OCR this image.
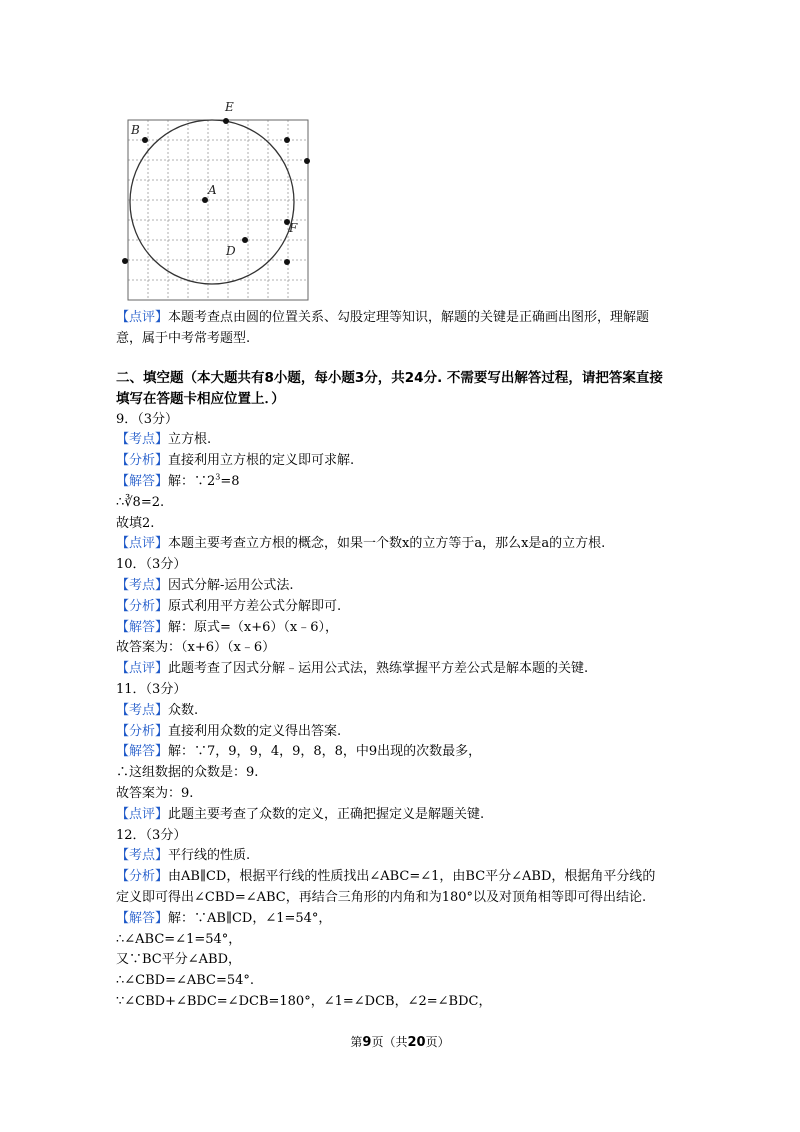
B
E
A
F
D
【点评】本题考查点由圆的位置关系、勾股定理等知识，解题的关键是正确画出图形，理解题
意，属于中考常考题型.
二、填空题（本大题共有8小题，每小题3分，共24分. 不需要写出解答过程，请把答案直接
填写在答题卡相应位置上．）
9．（3分）
【考点】立方根.
【分析】直接利用立方根的定义即可求解.
【解答】解：$\because 2^3=8$
∴∛8=2.
故填2.
【点评】本题主要考查立方根的概念，如果一个数x的立方等于a，那么x是a的立方根.
10．（3分）
【考点】因式分解-运用公式法.
【分析】原式利用平方差公式分解即可.
【解答】解：原式=（x+6）（x﹣6），
故答案为：（x+6）（x﹣6）
【点评】此题考查了因式分解﹣运用公式法，熟练掌握平方差公式是解本题的关键.
11．（3分）
【考点】众数.
【分析】直接利用众数的定义得出答案.
【解答】解：∵7，9，9，4，9，8，8，中9出现的次数最多，
∴这组数据的众数是：9.
故答案为：9.
【点评】此题主要考查了众数的定义，正确把握定义是解题关键.
12．（3分）
【考点】平行线的性质.
【分析】由AB∥CD，根据平行线的性质找出∠ABC=∠1，由BC平分∠ABD，根据角平分线的
定义即可得出∠CBD=∠ABC，再结合三角形的内角和为180°以及对顶角相等即可得出结论.
【解答】解：∵AB∥CD，∠1=54°，
∴∠ABC=∠1=54°，
又∵BC平分∠ABD，
∴∠CBD=∠ABC=54°.
∵∠CBD+∠BDC=∠DCB=180°，∠1=∠DCB，∠2=∠BDC，
第9页（共20页）
